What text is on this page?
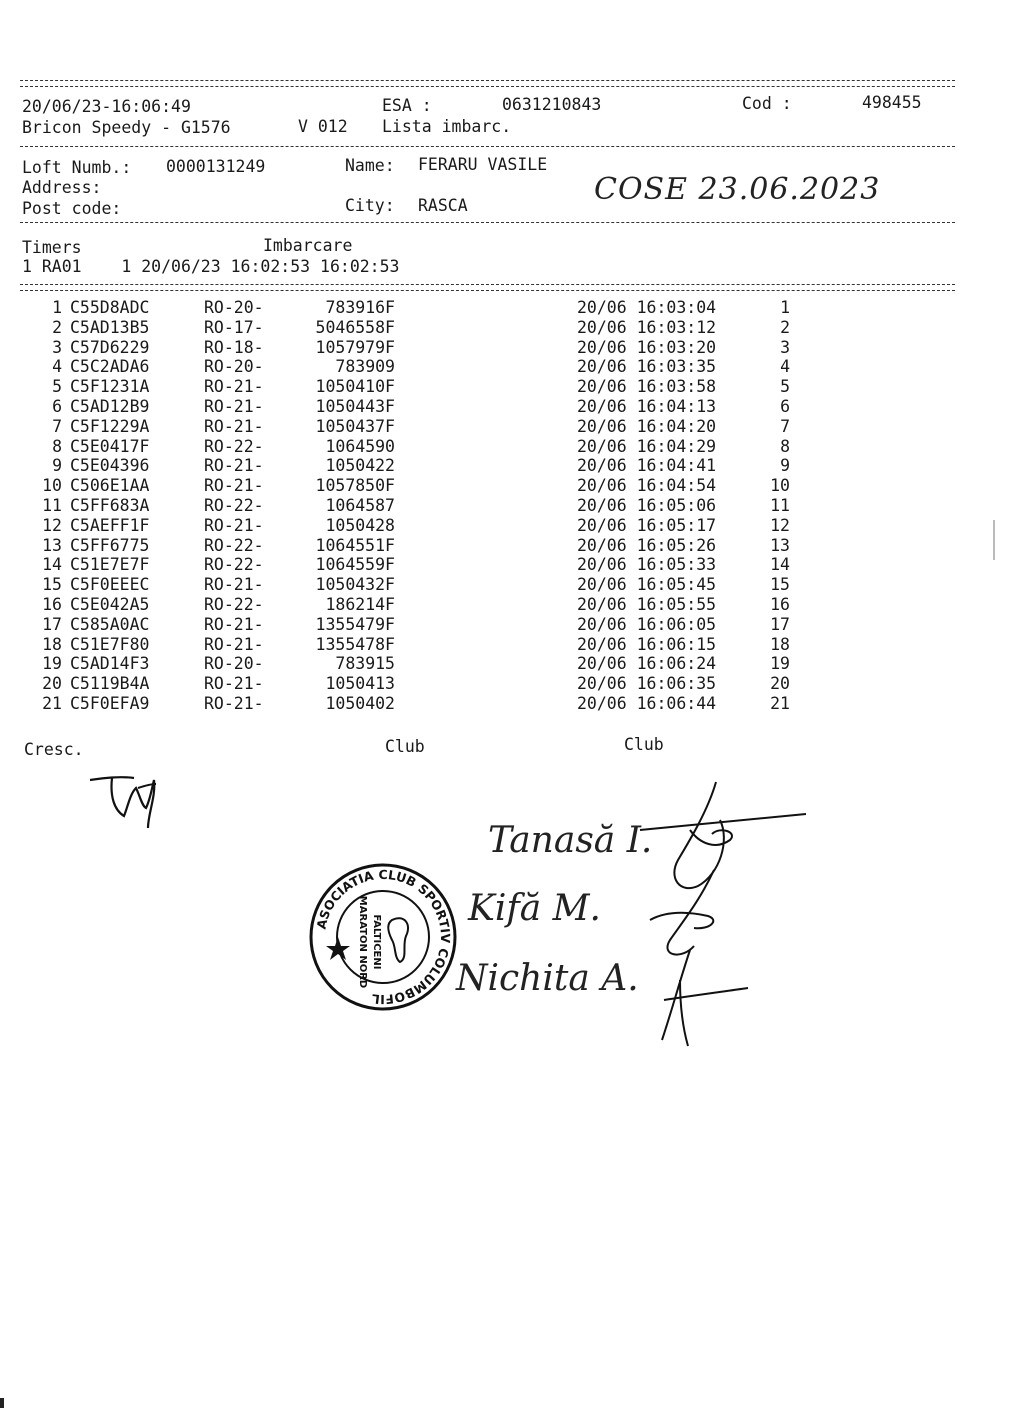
20/06/23-16:06:49	ESA :	0631210843	Cod :	498455
Bricon Speedy - G1576	V 012 Lista imbarc.
Loft Numb.: 0000131249	Name: FERARU VASILE
Address:
Post code:	City: RASCA	COSE 23.06.2023
Timers	Imbarcare
1 RA01    1 20/06/23 16:02:53 16:02:53
1 C55D8ADC	RO-20-	783916F	20/06 16:03:04	1
2 C5AD13B5	RO-17-	5046558F	20/06 16:03:12	2
3 C57D6229	RO-18-	1057979F	20/06 16:03:20	3
4 C5C2ADA6	RO-20-	783909	20/06 16:03:35	4
5 C5F1231A	RO-21-	1050410F	20/06 16:03:58	5
6 C5AD12B9	RO-21-	1050443F	20/06 16:04:13	6
7 C5F1229A	RO-21-	1050437F	20/06 16:04:20	7
8 C5E0417F	RO-22-	1064590	20/06 16:04:29	8
9 C5E04396	RO-21-	1050422	20/06 16:04:41	9
10 C506E1AA	RO-21-	1057850F	20/06 16:04:54	10
11 C5FF683A	RO-22-	1064587	20/06 16:05:06	11
12 C5AEFF1F	RO-21-	1050428	20/06 16:05:17	12
13 C5FF6775	RO-22-	1064551F	20/06 16:05:26	13
14 C51E7E7F	RO-22-	1064559F	20/06 16:05:33	14
15 C5F0EEEC	RO-21-	1050432F	20/06 16:05:45	15
16 C5E042A5	RO-22-	186214F	20/06 16:05:55	16
17 C585A0AC	RO-21-	1355479F	20/06 16:06:05	17
18 C51E7F80	RO-21-	1355478F	20/06 16:06:15	18
19 C5AD14F3	RO-20-	783915	20/06 16:06:24	19
20 C5119B4A	RO-21-	1050413	20/06 16:06:35	20
21 C5F0EFA9	RO-21-	1050402	20/06 16:06:44	21
Cresc.	Club	Club
ASOCIATIA CLUB SPORTIV COLUMBOFIL
MARATON NORD FALTICENI
Tanasă I.
Kifă M.
Nichita A.
